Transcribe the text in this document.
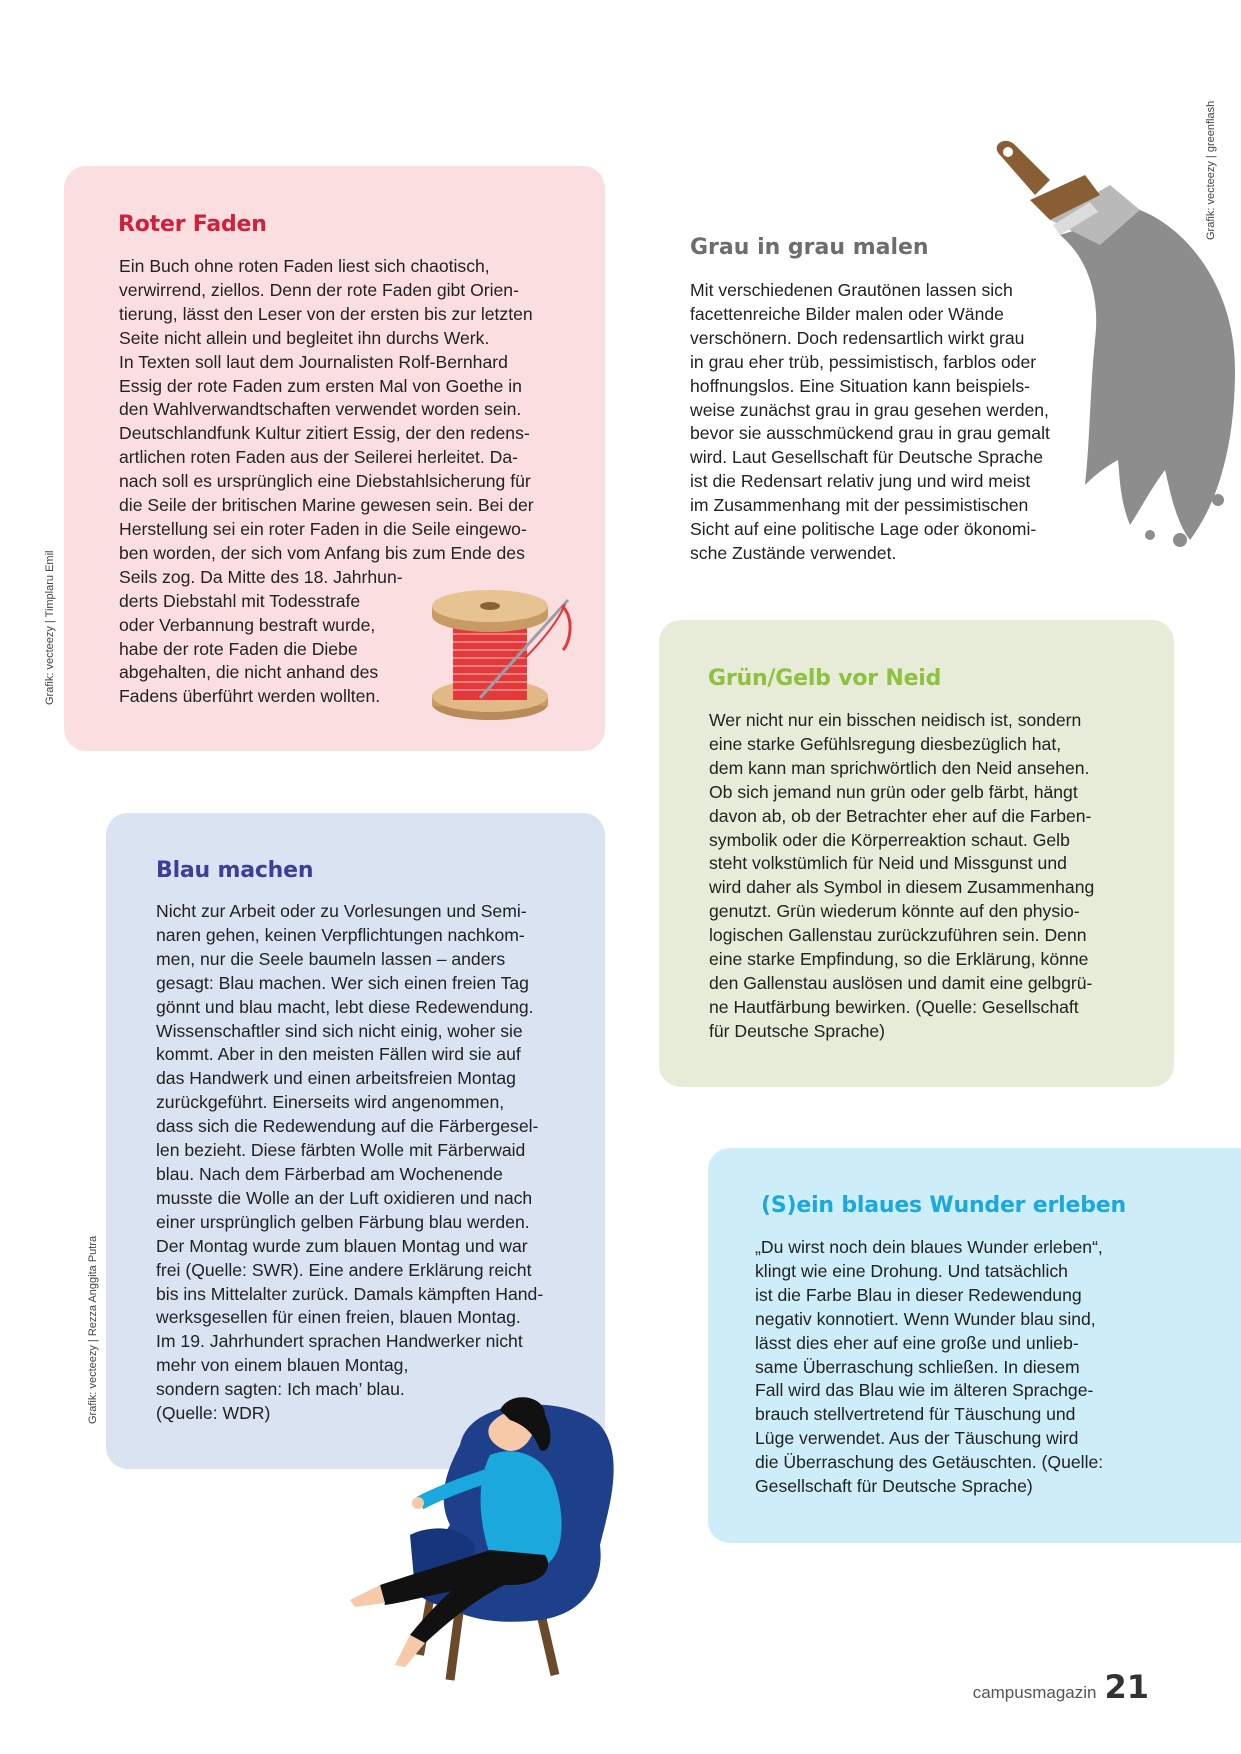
Roter Faden

Ein Buch ohne roten Faden liest sich chaotisch,
verwirrend, ziellos. Denn der rote Faden gibt Orien-
tierung, lässt den Leser von der ersten bis zur letzten
Seite nicht allein und begleitet ihn durchs Werk.
In Texten soll laut dem Journalisten Rolf-Bernhard
Essig der rote Faden zum ersten Mal von Goethe in
den Wahlverwandtschaften verwendet worden sein.
Deutschlandfunk Kultur zitiert Essig, der den redens-
artlichen roten Faden aus der Seilerei herleitet. Da-
nach soll es ursprünglich eine Diebstahlsicherung für
die Seile der britischen Marine gewesen sein. Bei der
Herstellung sei ein roter Faden in die Seile eingewo-
ben worden, der sich vom Anfang bis zum Ende des
Seils zog. Da Mitte des 18. Jahrhun-
derts Diebstahl mit Todesstrafe
oder Verbannung bestraft wurde,
habe der rote Faden die Diebe
abgehalten, die nicht anhand des
Fadens überführt werden wollten.

Grau in grau malen

Mit verschiedenen Grautönen lassen sich
facettenreiche Bilder malen oder Wände
verschönern. Doch redensartlich wirkt grau
in grau eher trüb, pessimistisch, farblos oder
hoffnungslos. Eine Situation kann beispiels-
weise zunächst grau in grau gesehen werden,
bevor sie ausschmückend grau in grau gemalt
wird. Laut Gesellschaft für Deutsche Sprache
ist die Redensart relativ jung und wird meist
im Zusammenhang mit der pessimistischen
Sicht auf eine politische Lage oder ökonomi-
sche Zustände verwendet.

Grün/Gelb vor Neid

Wer nicht nur ein bisschen neidisch ist, sondern
eine starke Gefühlsregung diesbezüglich hat,
dem kann man sprichwörtlich den Neid ansehen.
Ob sich jemand nun grün oder gelb färbt, hängt
davon ab, ob der Betrachter eher auf die Farben-
symbolik oder die Körperreaktion schaut. Gelb
steht volkstümlich für Neid und Missgunst und
wird daher als Symbol in diesem Zusammenhang
genutzt. Grün wiederum könnte auf den physio-
logischen Gallenstau zurückzuführen sein. Denn
eine starke Empfindung, so die Erklärung, könne
den Gallenstau auslösen und damit eine gelbgrü-
ne Hautfärbung bewirken. (Quelle: Gesellschaft
für Deutsche Sprache)

Blau machen

Nicht zur Arbeit oder zu Vorlesungen und Semi-
naren gehen, keinen Verpflichtungen nachkom-
men, nur die Seele baumeln lassen – anders
gesagt: Blau machen. Wer sich einen freien Tag
gönnt und blau macht, lebt diese Redewendung.
Wissenschaftler sind sich nicht einig, woher sie
kommt. Aber in den meisten Fällen wird sie auf
das Handwerk und einen arbeitsfreien Montag
zurückgeführt. Einerseits wird angenommen,
dass sich die Redewendung auf die Färbergesel-
len bezieht. Diese färbten Wolle mit Färberwaid
blau. Nach dem Färberbad am Wochenende
musste die Wolle an der Luft oxidieren und nach
einer ursprünglich gelben Färbung blau werden.
Der Montag wurde zum blauen Montag und war
frei (Quelle: SWR). Eine andere Erklärung reicht
bis ins Mittelalter zurück. Damals kämpften Hand-
werksgesellen für einen freien, blauen Montag.
Im 19. Jahrhundert sprachen Handwerker nicht
mehr von einem blauen Montag,
sondern sagten: Ich mach’ blau.
(Quelle: WDR)

(S)ein blaues Wunder erleben

„Du wirst noch dein blaues Wunder erleben“,
klingt wie eine Drohung. Und tatsächlich
ist die Farbe Blau in dieser Redewendung
negativ konnotiert. Wenn Wunder blau sind,
lässt dies eher auf eine große und unlieb-
same Überraschung schließen. In diesem
Fall wird das Blau wie im älteren Sprachge-
brauch stellvertretend für Täuschung und
Lüge verwendet. Aus der Täuschung wird
die Überraschung des Getäuschten. (Quelle:
Gesellschaft für Deutsche Sprache)

Grafik: vecteezy | greenflash
Grafik: vecteezy | Timplaru Emil
Grafik: vecteezy | Rezza Anggita Putra
campusmagazin 21
